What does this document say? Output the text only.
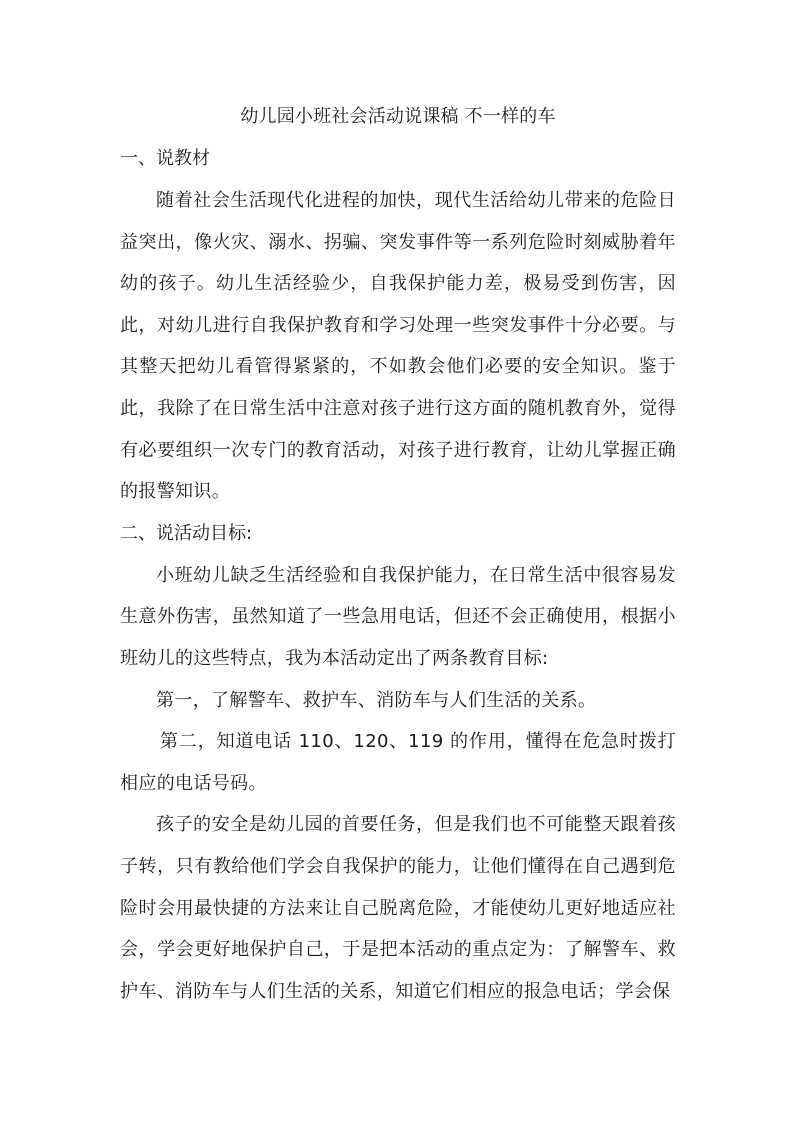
幼儿园小班社会活动说课稿 不一样的车
一、说教材

随着社会生活现代化进程的加快，现代生活给幼儿带来的危险日益突出，像火灾、溺水、拐骗、突发事件等一系列危险时刻威胁着年幼的孩子。幼儿生活经验少，自我保护能力差，极易受到伤害，因此，对幼儿进行自我保护教育和学习处理一些突发事件十分必要。与其整天把幼儿看管得紧紧的，不如教会他们必要的安全知识。鉴于此，我除了在日常生活中注意对孩子进行这方面的随机教育外，觉得有必要组织一次专门的教育活动，对孩子进行教育，让幼儿掌握正确的报警知识。

二、说活动目标:

小班幼儿缺乏生活经验和自我保护能力，在日常生活中很容易发生意外伤害，虽然知道了一些急用电话，但还不会正确使用，根据小班幼儿的这些特点，我为本活动定出了两条教育目标:

第一，了解警车、救护车、消防车与人们生活的关系。

第二，知道电话 110、120、119 的作用，懂得在危急时拨打相应的电话号码。

孩子的安全是幼儿园的首要任务，但是我们也不可能整天跟着孩子转，只有教给他们学会自我保护的能力，让他们懂得在自己遇到危险时会用最快捷的方法来让自己脱离危险，才能使幼儿更好地适应社会，学会更好地保护自己，于是把本活动的重点定为：了解警车、救护车、消防车与人们生活的关系，知道它们相应的报急电话；学会保
